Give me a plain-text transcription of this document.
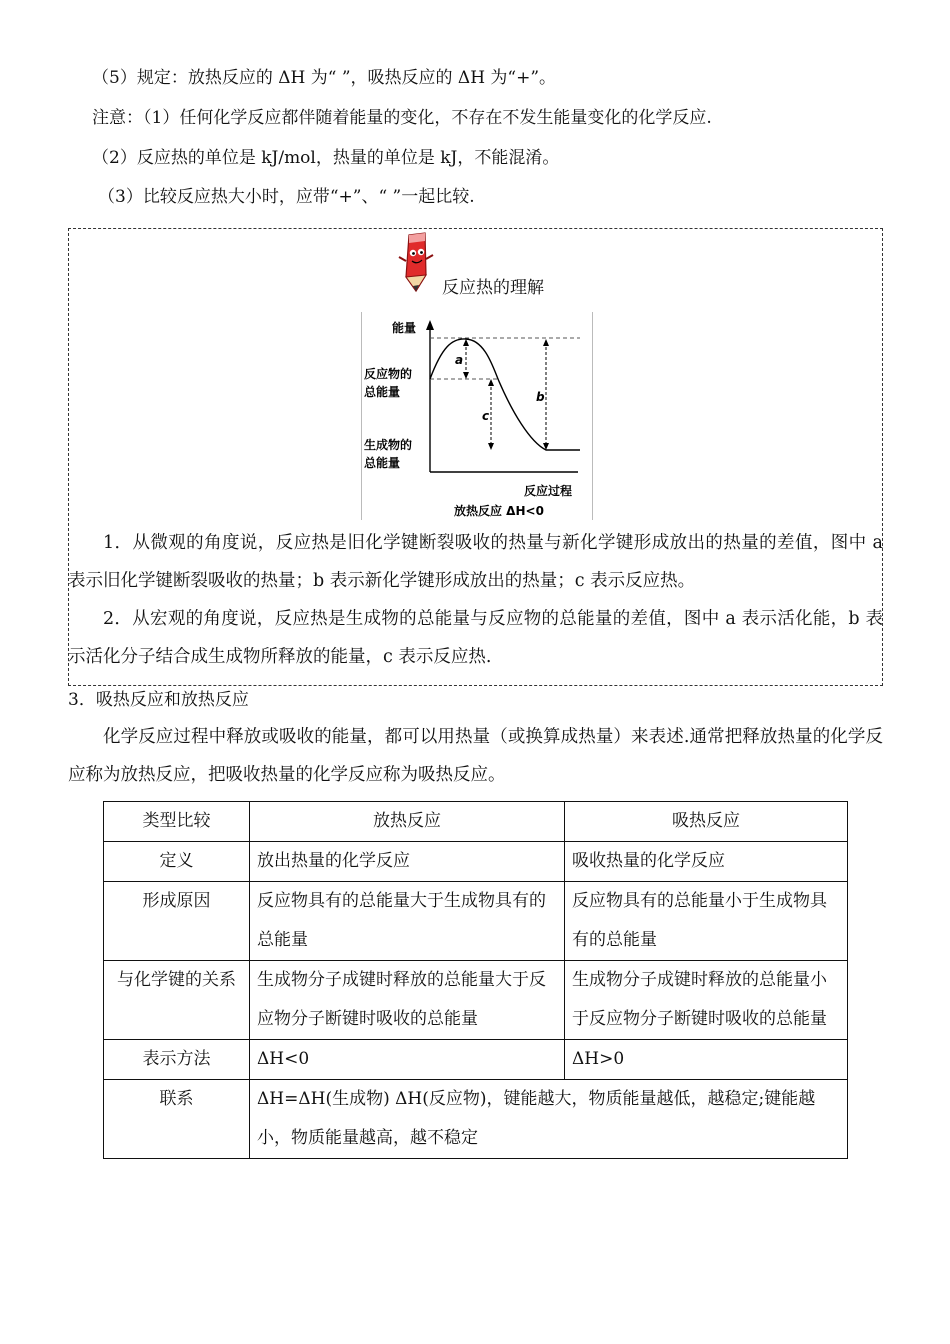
（5）规定：放热反应的 ΔH 为“ ”，吸热反应的 ΔH 为“+”。
注意：（1）任何化学反应都伴随着能量的变化，不存在不发生能量变化的化学反应.
（2）反应热的单位是 kJ/mol，热量的单位是 kJ，不能混淆。
（3）比较反应热大小时，应带“+”、“ ”一起比较.
反应热的理解
能量
反应物的
总能量
生成物的
总能量
反应过程
放热反应 ΔH<0
a
c
b
1．从微观的角度说，反应热是旧化学键断裂吸收的热量与新化学键形成放出的热量的差值，图中 a 表示旧化学键断裂吸收的热量；b 表示新化学键形成放出的热量；c 表示反应热。
2．从宏观的角度说，反应热是生成物的总能量与反应物的总能量的差值，图中 a 表示活化能，b 表示活化分子结合成生成物所释放的能量，c 表示反应热.
3．吸热反应和放热反应
化学反应过程中释放或吸收的能量，都可以用热量（或换算成热量）来表述.通常把释放热量的化学反应称为放热反应，把吸收热量的化学反应称为吸热反应。
类型比较	放热反应	吸热反应
定义	放出热量的化学反应	吸收热量的化学反应
形成原因	反应物具有的总能量大于生成物具有的总能量	反应物具有的总能量小于生成物具有的总能量
与化学键的关系	生成物分子成键时释放的总能量大于反应物分子断键时吸收的总能量	生成物分子成键时释放的总能量小于反应物分子断键时吸收的总能量
表示方法	ΔH<0	ΔH>0
联系	ΔH=ΔH(生成物) ΔH(反应物)，键能越大，物质能量越低，越稳定;键能越小，物质能量越高，越不稳定	
